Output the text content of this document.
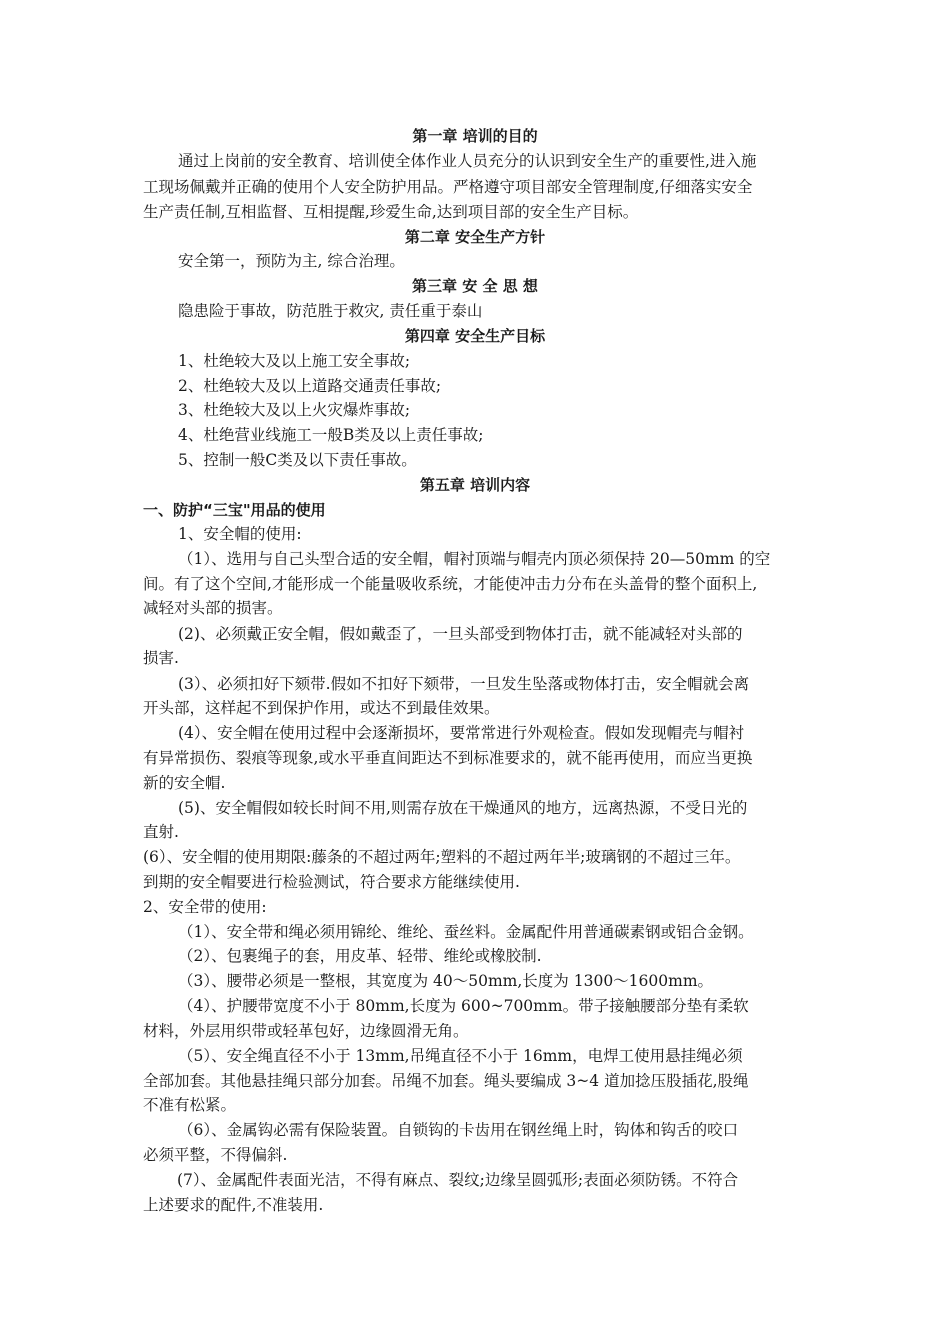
第一章 培训的目的
通过上岗前的安全教育、培训使全体作业人员充分的认识到安全生产的重要性,进入施
工现场佩戴并正确的使用个人安全防护用品。严格遵守项目部安全管理制度,仔细落实安全
生产责任制,互相监督、互相提醒,珍爱生命,达到项目部的安全生产目标。
第二章 安全生产方针
安全第一，预防为主, 综合治理。
第三章 安 全 思 想
隐患险于事故，防范胜于救灾, 责任重于泰山
第四章 安全生产目标
1、杜绝较大及以上施工安全事故;
2、杜绝较大及以上道路交通责任事故;
3、杜绝较大及以上火灾爆炸事故;
4、杜绝营业线施工一般B类及以上责任事故;
5、控制一般C类及以下责任事故。
第五章 培训内容
一、防护“三宝"用品的使用
1、安全帽的使用:
（1）、选用与自己头型合适的安全帽，帽衬顶端与帽壳内顶必须保持 20—50mm 的空
间。有了这个空间,才能形成一个能量吸收系统，才能使冲击力分布在头盖骨的整个面积上,
减轻对头部的损害。
(2)、必须戴正安全帽，假如戴歪了，一旦头部受到物体打击，就不能减轻对头部的
损害.
(3）、必须扣好下颏带.假如不扣好下颏带，一旦发生坠落或物体打击，安全帽就会离
开头部，这样起不到保护作用，或达不到最佳效果。
(4）、安全帽在使用过程中会逐渐损坏，要常常进行外观检查。假如发现帽壳与帽衬
有异常损伤、裂痕等现象,或水平垂直间距达不到标准要求的，就不能再使用，而应当更换
新的安全帽.
(5)、安全帽假如较长时间不用,则需存放在干燥通风的地方，远离热源，不受日光的
直射.
(6）、安全帽的使用期限:藤条的不超过两年;塑料的不超过两年半;玻璃钢的不超过三年。
到期的安全帽要进行检验测试，符合要求方能继续使用.
2、安全带的使用:
（1）、安全带和绳必须用锦纶、维纶、蚕丝料。金属配件用普通碳素钢或铝合金钢。
（2）、包裹绳子的套，用皮革、轻带、维纶或橡胶制.
（3）、腰带必须是一整根，其宽度为 40～50mm,长度为 1300～1600mm。
（4）、护腰带宽度不小于 80mm,长度为 600~700mm。带子接触腰部分垫有柔软
材料，外层用织带或轻革包好，边缘圆滑无角。
（5）、安全绳直径不小于 13mm,吊绳直径不小于 16mm，电焊工使用悬挂绳必须
全部加套。其他悬挂绳只部分加套。吊绳不加套。绳头要编成 3~4 道加捻压股插花,股绳
不准有松紧。
（6）、金属钩必需有保险装置。自锁钩的卡齿用在钢丝绳上时，钩体和钩舌的咬口
必须平整，不得偏斜.
(7）、金属配件表面光洁，不得有麻点、裂纹;边缘呈圆弧形;表面必须防锈。不符合
上述要求的配件,不准装用.
